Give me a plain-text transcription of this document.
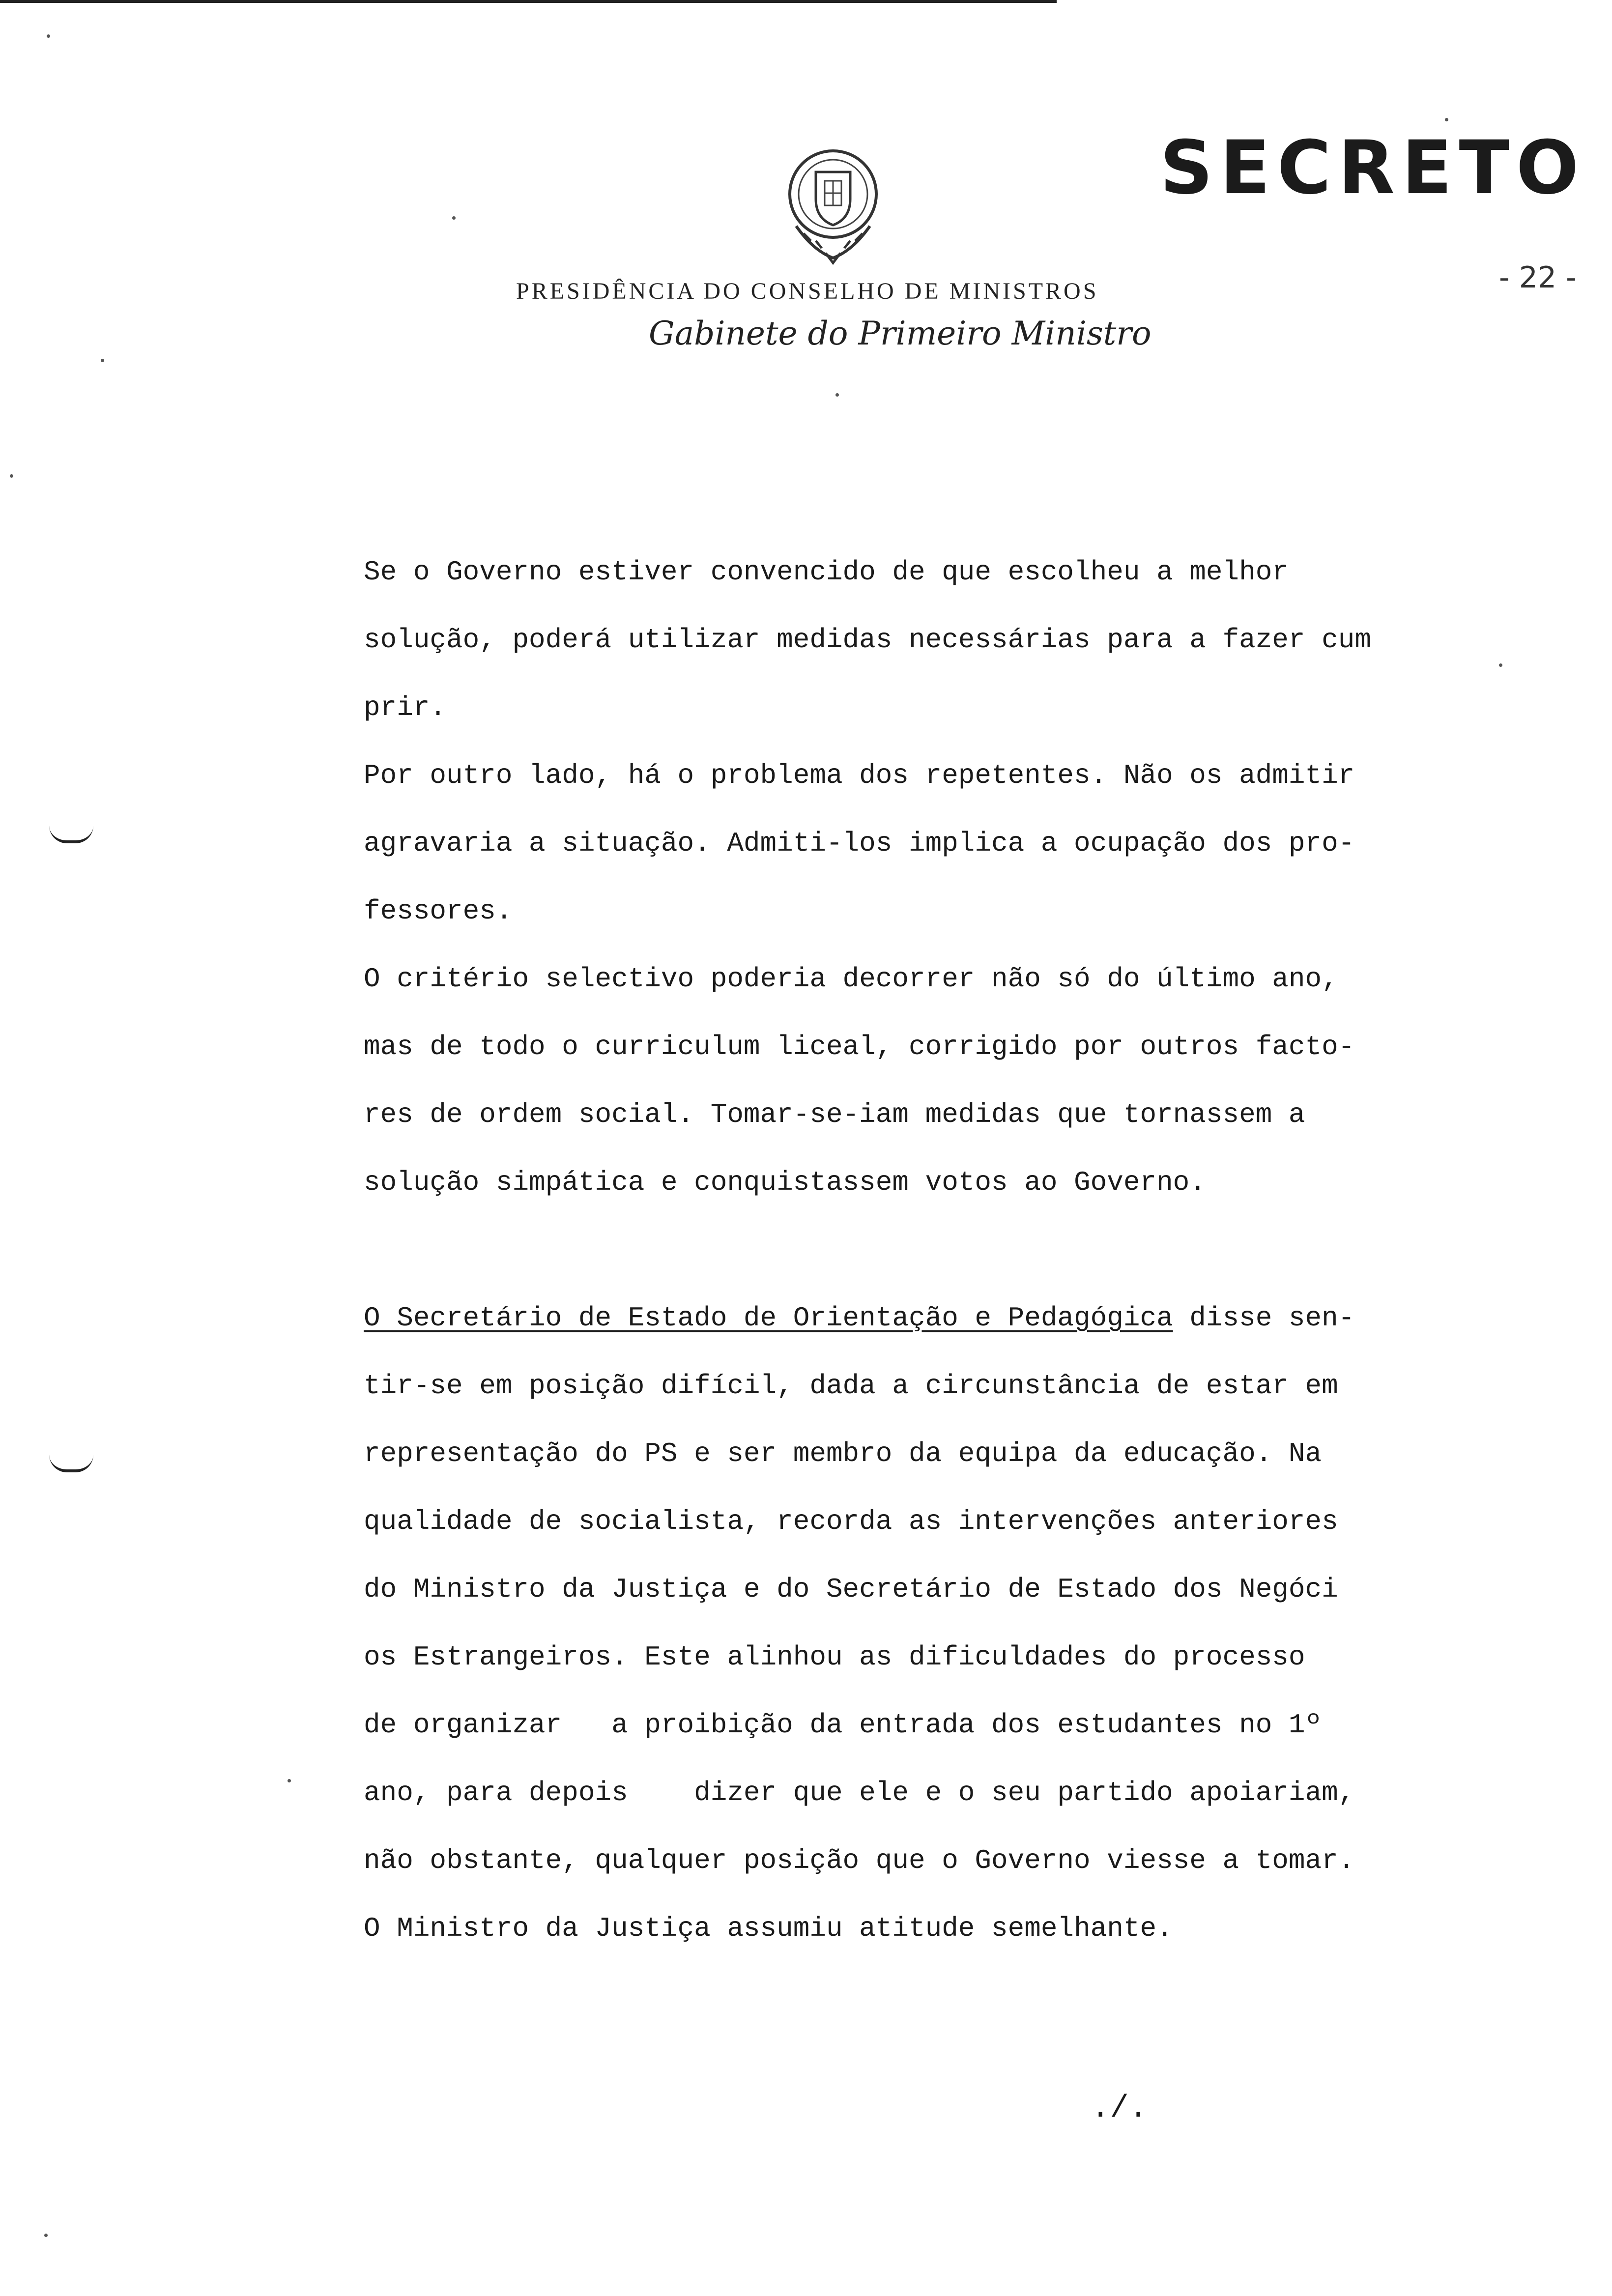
SECRETO
- 22 -
PRESIDÊNCIA DO CONSELHO DE MINISTROS
Gabinete do Primeiro Ministro
Se o Governo estiver convencido de que escolheu a melhor
solução, poderá utilizar medidas necessárias para a fazer cum
prir.
Por outro lado, há o problema dos repetentes. Não os admitir
agravaria a situação. Admiti-los implica a ocupação dos pro-
fessores.
O critério selectivo poderia decorrer não só do último ano,
mas de todo o curriculum liceal, corrigido por outros facto-
res de ordem social. Tomar-se-iam medidas que tornassem a
solução simpática e conquistassem votos ao Governo.
O Secretário de Estado de Orientação e Pedagógica disse sen-
tir-se em posição difícil, dada a circunstância de estar em
representação do PS e ser membro da equipa da educação. Na
qualidade de socialista, recorda as intervenções anteriores
do Ministro da Justiça e do Secretário de Estado dos Negóci
os Estrangeiros. Este alinhou as dificuldades do processo
de organizar   a proibição da entrada dos estudantes no 1º
ano, para depois    dizer que ele e o seu partido apoiariam,
não obstante, qualquer posição que o Governo viesse a tomar.
O Ministro da Justiça assumiu atitude semelhante.
./.
